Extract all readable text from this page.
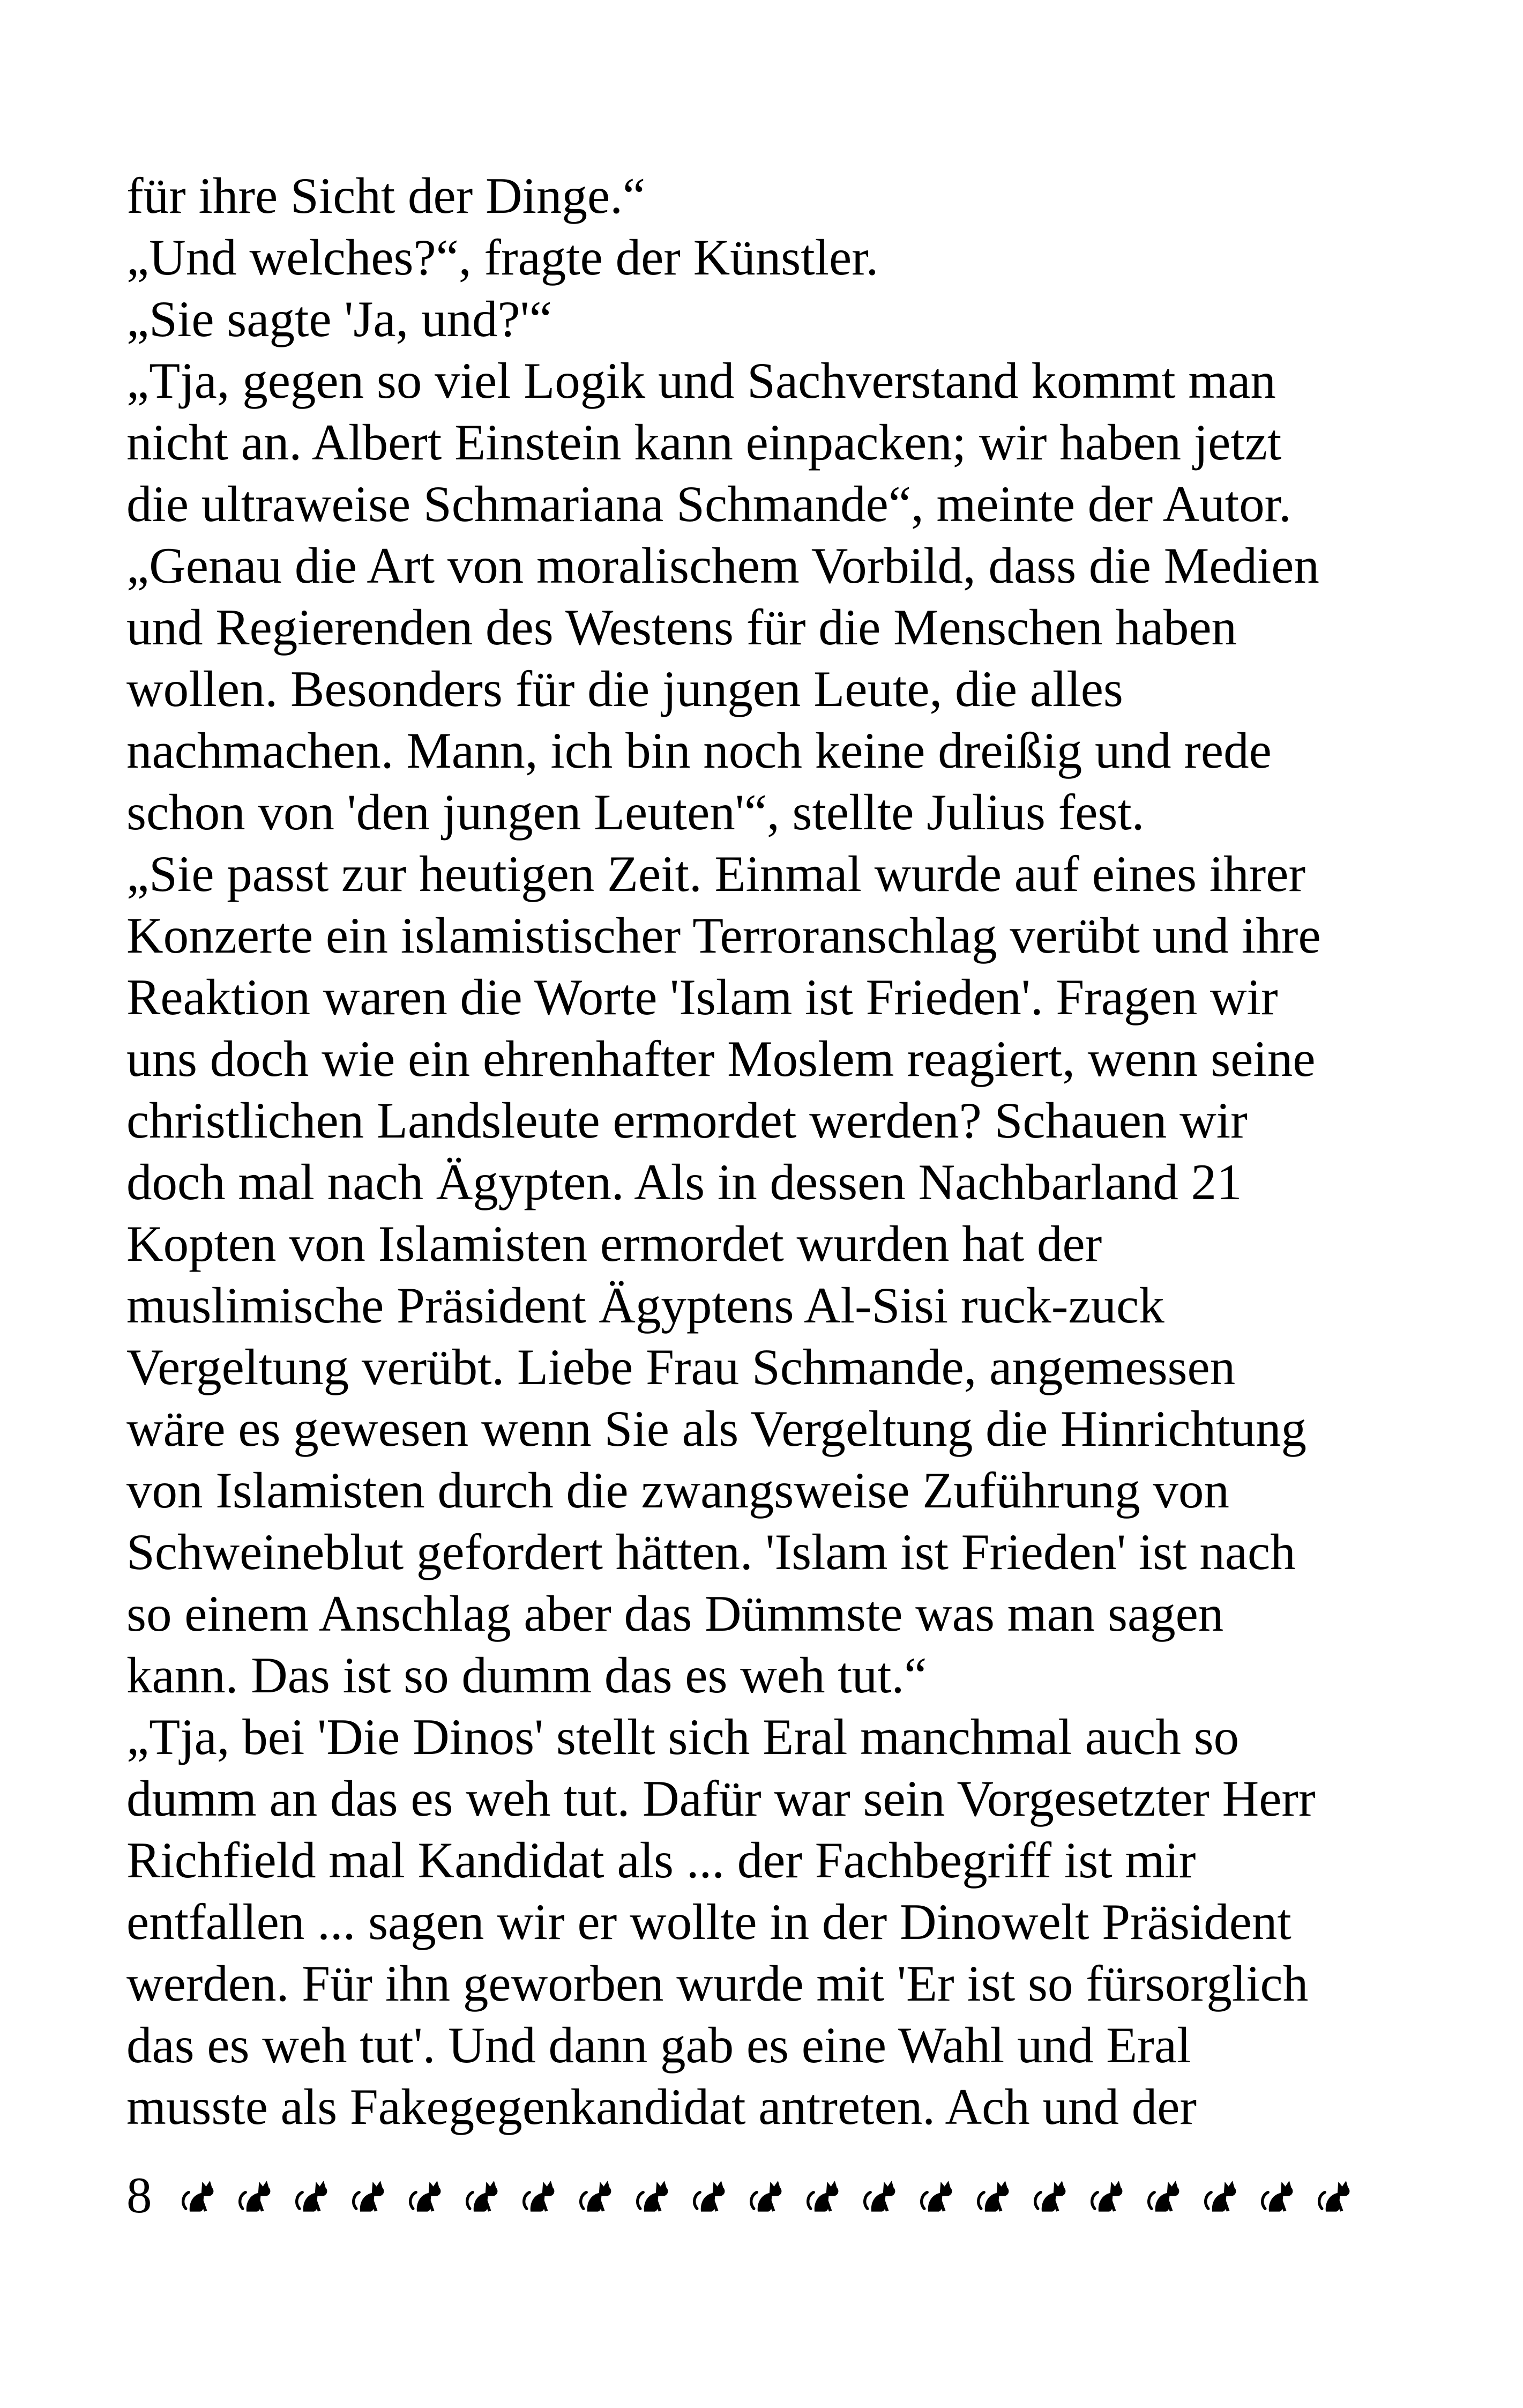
für ihre Sicht der Dinge.“
„Und welches?“, fragte der Künstler.
„Sie sagte 'Ja, und?'“
„Tja, gegen so viel Logik und Sachverstand kommt man
nicht an. Albert Einstein kann einpacken; wir haben jetzt
die ultraweise Schmariana Schmande“, meinte der Autor.
„Genau die Art von moralischem Vorbild, dass die Medien
und Regierenden des Westens für die Menschen haben
wollen. Besonders für die jungen Leute, die alles
nachmachen. Mann, ich bin noch keine dreißig und rede
schon von 'den jungen Leuten'“, stellte Julius fest.
„Sie passt zur heutigen Zeit. Einmal wurde auf eines ihrer
Konzerte ein islamistischer Terroranschlag verübt und ihre
Reaktion waren die Worte 'Islam ist Frieden'. Fragen wir
uns doch wie ein ehrenhafter Moslem reagiert, wenn seine
christlichen Landsleute ermordet werden? Schauen wir
doch mal nach Ägypten. Als in dessen Nachbarland 21
Kopten von Islamisten ermordet wurden hat der
muslimische Präsident Ägyptens Al-Sisi ruck-zuck
Vergeltung verübt. Liebe Frau Schmande, angemessen
wäre es gewesen wenn Sie als Vergeltung die Hinrichtung
von Islamisten durch die zwangsweise Zuführung von
Schweineblut gefordert hätten. 'Islam ist Frieden' ist nach
so einem Anschlag aber das Dümmste was man sagen
kann. Das ist so dumm das es weh tut.“
„Tja, bei 'Die Dinos' stellt sich Eral manchmal auch so
dumm an das es weh tut. Dafür war sein Vorgesetzter Herr
Richfield mal Kandidat als ... der Fachbegriff ist mir
entfallen ... sagen wir er wollte in der Dinowelt Präsident
werden. Für ihn geworben wurde mit 'Er ist so fürsorglich
das es weh tut'. Und dann gab es eine Wahl und Eral
musste als Fakegegenkandidat antreten. Ach und der
8
